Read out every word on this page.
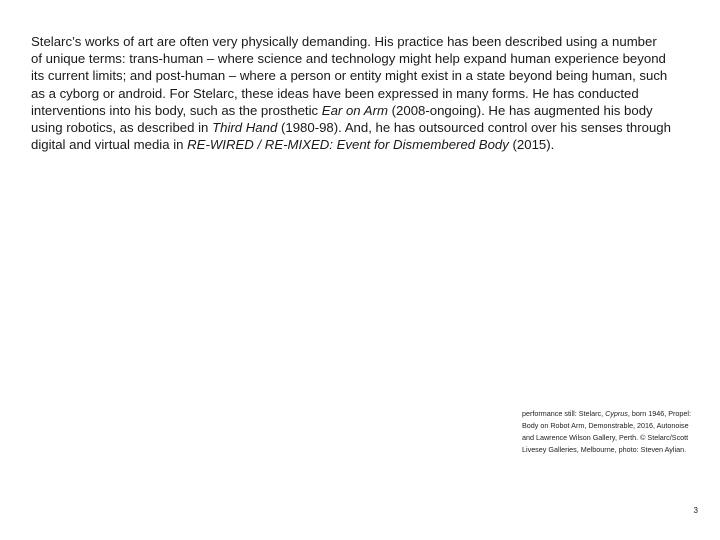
Stelarc’s works of art are often very physically demanding. His practice has been described using a number of unique terms: trans-human – where science and technology might help expand human experience beyond its current limits; and post-human – where a person or entity might exist in a state beyond being human, such as a cyborg or android. For Stelarc, these ideas have been expressed in many forms. He has conducted interventions into his body, such as the prosthetic Ear on Arm (2008-ongoing). He has augmented his body using robotics, as described in Third Hand (1980-98). And, he has outsourced control over his senses through digital and virtual media in RE-WIRED / RE-MIXED: Event for Dismembered Body (2015).

performance still: Stelarc, Cyprus, born 1946, Propel: Body on Robot Arm, Demonstrable, 2016, Autonoise and Lawrence Wilson Gallery, Perth. © Stelarc/Scott Livesey Galleries, Melbourne, photo: Steven Aylian.

3
